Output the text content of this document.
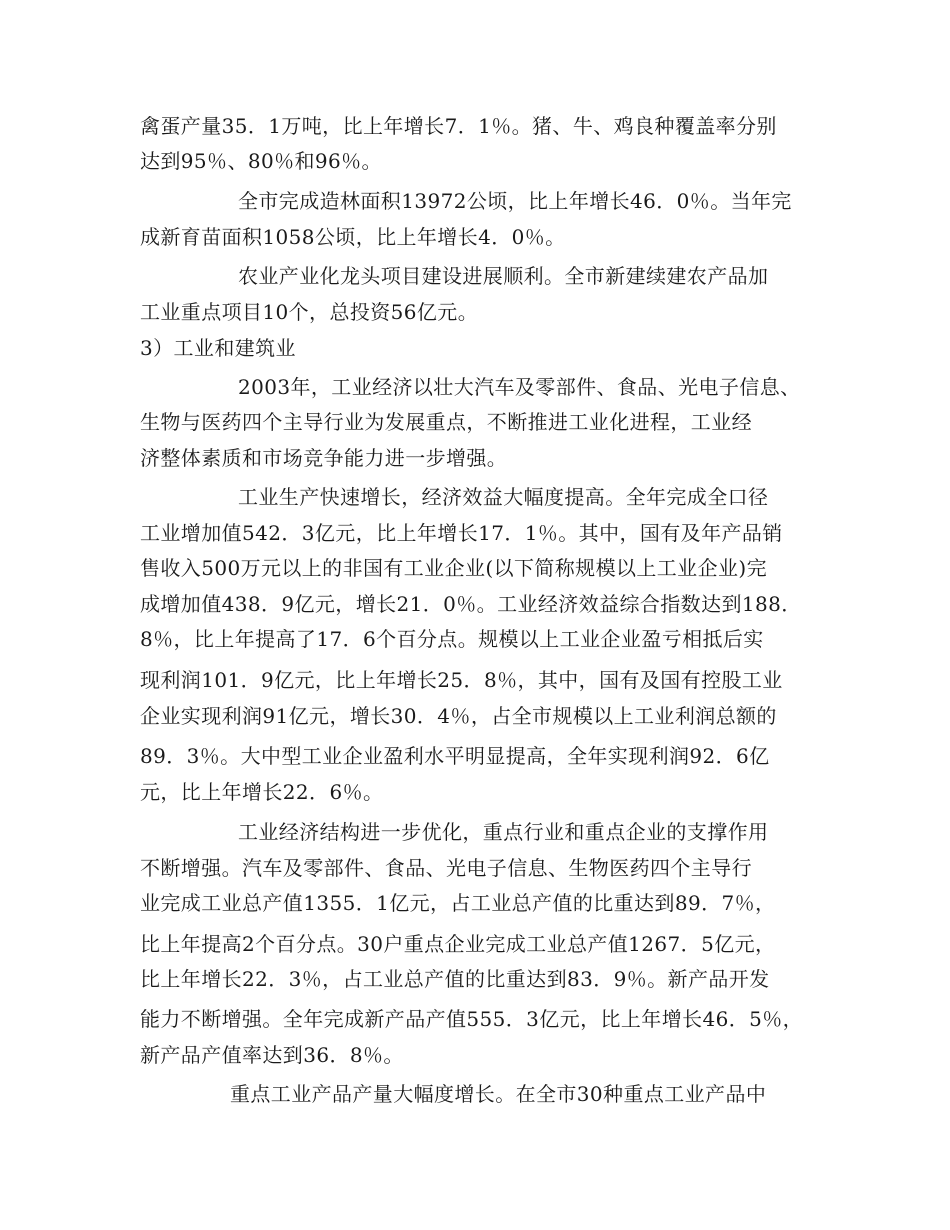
禽蛋产量35．1万吨，比上年增长7．1％。猪、牛、鸡良种覆盖率分别
达到95％、80％和96％。
全市完成造林面积13972公顷，比上年增长46．0％。当年完
成新育苗面积1058公顷，比上年增长4．0％。
农业产业化龙头项目建设进展顺利。全市新建续建农产品加
工业重点项目10个，总投资56亿元。
3）工业和建筑业
2003年，工业经济以壮大汽车及零部件、食品、光电子信息、
生物与医药四个主导行业为发展重点，不断推进工业化进程，工业经
济整体素质和市场竞争能力进一步增强。
工业生产快速增长，经济效益大幅度提高。全年完成全口径
工业增加值542．3亿元，比上年增长17．1％。其中，国有及年产品销
售收入500万元以上的非国有工业企业(以下简称规模以上工业企业)完
成增加值438．9亿元，增长21．0％。工业经济效益综合指数达到188．
8％，比上年提高了17．6个百分点。规模以上工业企业盈亏相抵后实
现利润101．9亿元，比上年增长25．8％，其中，国有及国有控股工业
企业实现利润91亿元，增长30．4％，占全市规模以上工业利润总额的
89．3％。大中型工业企业盈利水平明显提高，全年实现利润92．6亿
元，比上年增长22．6％。
工业经济结构进一步优化，重点行业和重点企业的支撑作用
不断增强。汽车及零部件、食品、光电子信息、生物医药四个主导行
业完成工业总产值1355．1亿元，占工业总产值的比重达到89．7％，
比上年提高2个百分点。30户重点企业完成工业总产值1267．5亿元，
比上年增长22．3％，占工业总产值的比重达到83．9％。新产品开发
能力不断增强。全年完成新产品产值555．3亿元，比上年增长46．5％，
新产品产值率达到36．8％。
重点工业产品产量大幅度增长。在全市30种重点工业产品中
